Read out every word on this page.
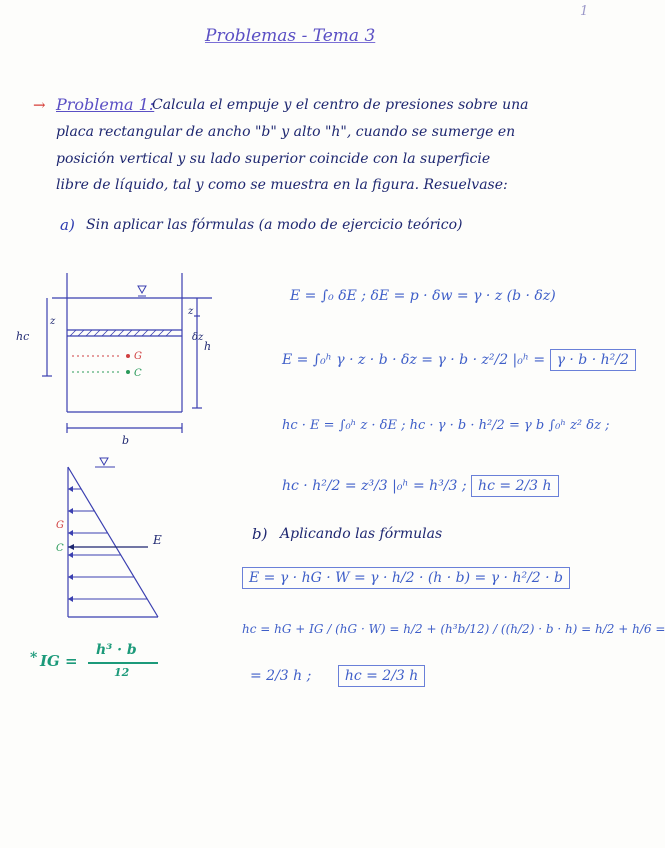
Problemas - Tema 3
1
→ Problema 1:
Calcula el empuje y el centro de presiones sobre una
placa rectangular de ancho "b" y alto "h", cuando se sumerge en
posición vertical y su lado superior coincide con la superficie
libre de líquido, tal y como se muestra en la figura. Resuelvase:
a) Sin aplicar las fórmulas (a modo de ejercicio teórico)
hc
z
h
z
δz
G
C
b
G
C
E
* IG =
h³ · b
12
E = ∫₀ δE ; δE = p · δw = γ · z (b · δz)
E = ∫₀ʰ γ · z · b · δz = γ · b · z²/2 |₀ʰ = γ · b · h²/2
hc · E = ∫₀ʰ z · δE ; hc · γ · b · h²/2 = γ b ∫₀ʰ z² δz ;
hc · h²/2 = z³/3 |₀ʰ = h³/3 ; hc = 2/3 h
b) Aplicando las fórmulas
E = γ · hG · W = γ · h/2 · (h · b) = γ · h²/2 · b
hc = hG + IG / (hG · W) = h/2 + (h³b/12) / ((h/2) · b · h) = h/2 + h/6 =
= 2/3 h ; hc = 2/3 h
